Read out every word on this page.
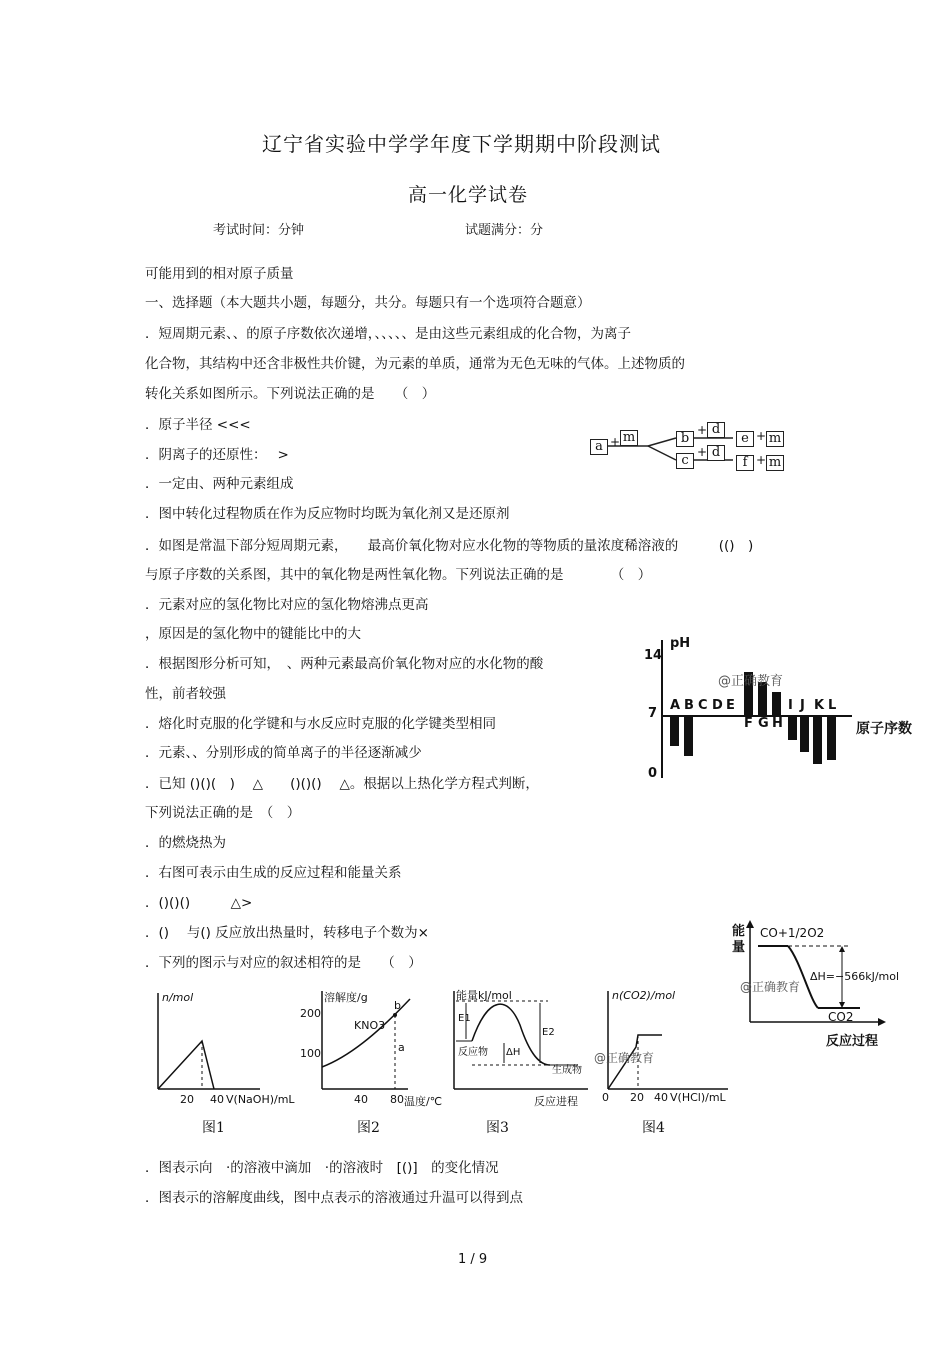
辽宁省实验中学学年度下学期期中阶段测试
高一化学试卷
考试时间：分钟	试题满分：分
可能用到的相对原子质量
一、选择题（本大题共小题，每题分，共分。每题只有一个选项符合题意）
．短周期元素、、的原子序数依次递增，、、、、、是由这些元素组成的化合物，为离子
化合物，其结构中还含非极性共价键，为元素的单质，通常为无色无味的气体。上述物质的
转化关系如图所示。下列说法正确的是　　（　）
．原子半径 <<<
．阴离子的还原性：　 >
．一定由、两种元素组成
．图中转化过程物质在作为反应物时均既为氧化剂又是还原剂
．如图是常温下部分短周期元素，　　最高价氧化物对应水化物的等物质的量浓度稀溶液的　　　(()　)
与原子序数的关系图，其中的氧化物是两性氧化物。下列说法正确的是　　　　（　）
．元素对应的氢化物比对应的氢化物熔沸点更高
，原因是的氢化物中的键能比中的大
．根据图形分析可知，　、两种元素最高价氧化物对应的水化物的酸
性，前者较强
．熔化时克服的化学键和与水反应时克服的化学键类型相同
．元素、、分别形成的简单离子的半径逐渐减少
．已知 ()()(　)　 △　　()()()　 △。根据以上热化学方程式判断，
下列说法正确的是　（　）
．的燃烧热为
．右图可表示由生成的反应过程和能量关系
．()()()　　　△>
．()　 与() 反应放出热量时，转移电子个数为×
．下列的图示与对应的叙述相符的是　　（　）
．图表示向　·的溶液中滴加　·的溶液时　[()]　的变化情况
．图表示的溶解度曲线，图中点表示的溶液通过升温可以得到点
a + m	b
+ d
e + m
c
+ d
f + m
pH
14
7
0
@正确教育
A B C D E	I J K L
F G H	原子序数
能
量
CO+1/2O2
@正确教育
ΔH=−566kJ/mol
CO2
反应过程
n/mol
20 40 V(NaOH)/mL
图1
溶解度/g
200
100
KNO3
a
b
40 80 温度/℃
图2
能量kJ/mol
E1
E2
反应物 ΔH
生成物
反应进程
图3
n(CO2)/mol
@正确教育
0 20 40 V(HCl)/mL
图4
1 / 9
